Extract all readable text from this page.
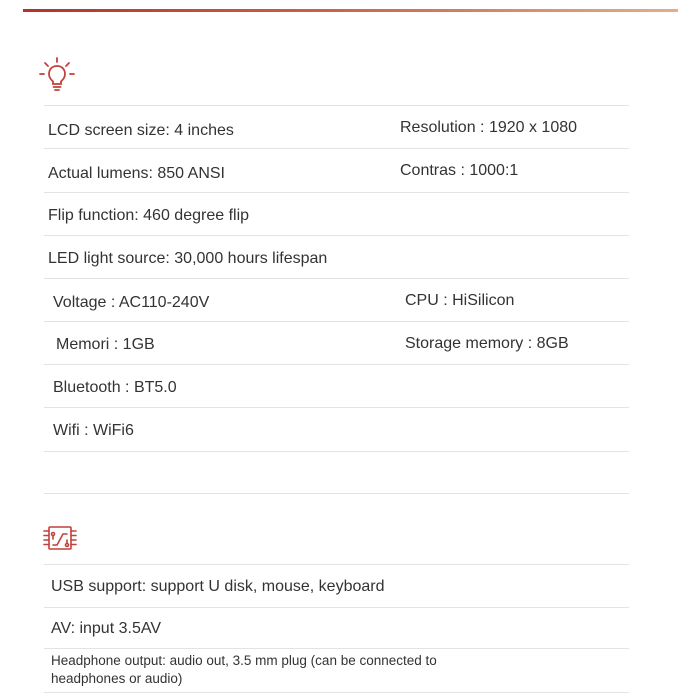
LCD screen size: 4 inches	Resolution : 1920 x 1080
Actual lumens: 850 ANSI	Contras : 1000:1
Flip function: 460 degree flip
LED light source: 30,000 hours lifespan
Voltage : AC110-240V	CPU : HiSilicon
Memori : 1GB	Storage memory : 8GB
Bluetooth : BT5.0
Wifi : WiFi6
USB support: support U disk, mouse, keyboard
AV: input 3.5AV
Headphone output: audio out, 3.5 mm plug (can be connected to headphones or audio)
